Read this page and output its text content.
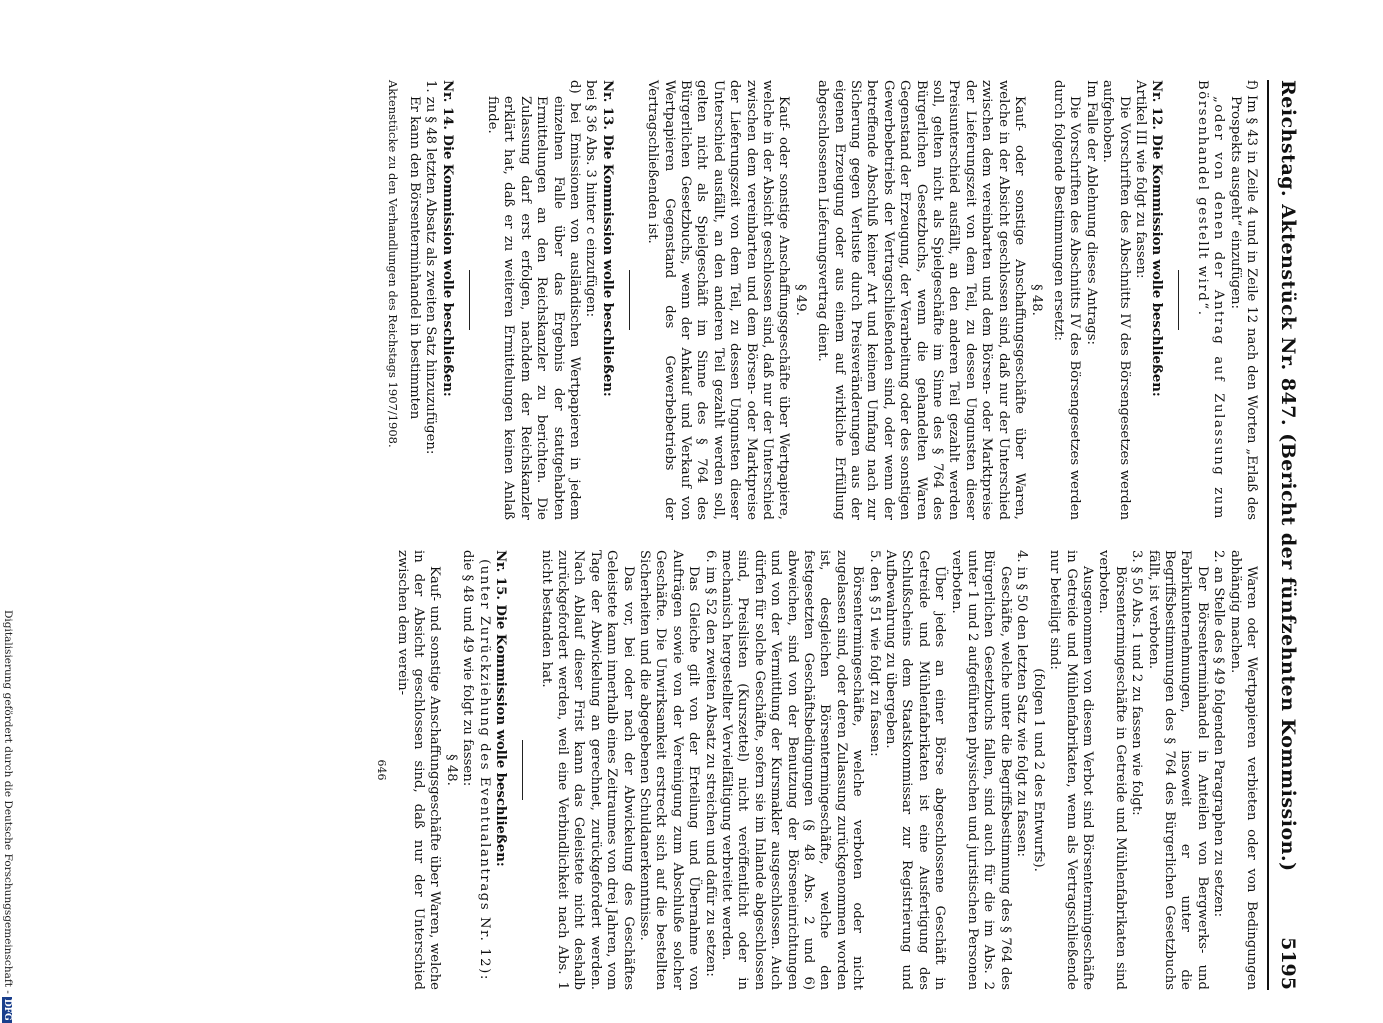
Reichstag. Aktenstück Nr. 847. (Bericht der fünfzehnten Kommission.)
5195

f) Im § 43 in Zeile 4 und in Zeile 12 nach den Worten „Erlaß des Prospekts ausgeht“ einzufügen:

„oder von denen der Antrag auf Zulassung zum Börsenhandel gestellt wird“.

Nr. 12. Die Kommission wolle beschließen:

Artikel III wie folgt zu fassen:

Die Vorschriften des Abschnitts IV des Börsengesetzes werden aufgehoben.

Im Falle der Ablehnung dieses Antrags:

Die Vorschriften des Abschnitts IV des Börsengesetzes werden durch folgende Bestimmungen ersetzt:

§ 48.

Kauf- oder sonstige Anschaffungsgeschäfte über Waren, welche in der Absicht geschlossen sind, daß nur der Unterschied zwischen dem vereinbarten und dem Börsen- oder Marktpreise der Lieferungszeit von dem Teil, zu dessen Ungunsten dieser Preisunterschied ausfällt, an den anderen Teil gezahlt werden soll, gelten nicht als Spielgeschäfte im Sinne des § 764 des Bürgerlichen Gesetzbuchs, wenn die gehandelten Waren Gegenstand der Erzeugung, der Verarbeitung oder des sonstigen Gewerbebetriebs der Vertragschließenden sind, oder wenn der betreffende Abschluß keiner Art und keinem Umfang nach zur Sicherung gegen Verluste durch Preisveränderungen aus der eigenen Erzeugung oder aus einem auf wirkliche Erfüllung abgeschlossenen Lieferungsvertrag dient.

§ 49.

Kauf- oder sonstige Anschaffungsgeschäfte über Wertpapiere, welche in der Absicht geschlossen sind, daß nur der Unterschied zwischen dem vereinbarten und dem Börsen- oder Marktpreise der Lieferungszeit von dem Teil, zu dessen Ungunsten dieser Unterschied ausfällt, an den anderen Teil gezahlt werden soll, gelten nicht als Spielgeschäft im Sinne des § 764 des Bürgerlichen Gesetzbuchs, wenn der Ankauf und Verkauf von Wertpapieren Gegenstand des Gewerbebetriebs der Vertragschließenden ist.

Nr. 13. Die Kommission wolle beschließen:

bei § 36 Abs. 3 hinter c einzufügen:

d) bei Emissionen von ausländischen Wertpapieren in jedem einzelnen Falle über das Ergebnis der stattgehabten Ermittelungen an den Reichskanzler zu berichten. Die Zulassung darf erst erfolgen, nachdem der Reichskanzler erklärt hat, daß er zu weiteren Ermittelungen keinen Anlaß finde.

Nr. 14. Die Kommission wolle beschließen:

1. zu § 48 letzten Absatz als zweiten Satz hinzuzufügen:

Er kann den Börsenterminhandel in bestimmten

Aktenstücke zu den Verhandlungen des Reichstags 1907/1908.

Waren oder Wertpapieren verbieten oder von Bedingungen abhängig machen.

2. an Stelle des § 49 folgenden Paragraphen zu setzen:

Der Börsenterminhandel in Anteilen von Bergwerks- und Fabrikunternehmungen, insoweit er unter die Begriffsbestimmungen des § 764 des Bürgerlichen Gesetzbuchs fällt, ist verboten.

3. § 50 Abs. 1 und 2 zu fassen wie folgt:

Börsentermingeschäfte in Getreide und Mühlenfabrikaten sind verboten.

Ausgenommen von diesem Verbot sind Börsentermingeschäfte in Getreide und Mühlenfabrikaten, wenn als Vertragschließende nur beteiligt sind:

(folgen 1 und 2 des Entwurfs).

4. in § 50 den letzten Satz wie folgt zu fassen:

Geschäfte, welche unter die Begriffsbestimmung des § 764 des Bürgerlichen Gesetzbuchs fallen, sind auch für die im Abs. 2 unter 1 und 2 aufgeführten physischen und juristischen Personen verboten.

Über jedes an einer Börse abgeschlossene Geschäft in Getreide und Mühlenfabrikaten ist eine Ausfertigung des Schlußscheins dem Staatskommissar zur Registrierung und Aufbewahrung zu übergeben.

5. den § 51 wie folgt zu fassen:

Börsentermingeschäfte, welche verboten oder nicht zugelassen sind, oder deren Zulassung zurückgenommen worden ist, desgleichen Börsentermingeschäfte, welche den festgesetzten Geschäftsbedingungen (§ 48 Abs. 2 und 6) abweichen, sind von der Benutzung der Börseneinrichtungen und von der Vermittlung der Kursmakler ausgeschlossen. Auch dürfen für solche Geschäfte, sofern sie im Inlande abgeschlossen sind, Preislisten (Kurszettel) nicht veröffentlicht oder in mechanisch hergestellter Vervielfältigung verbreitet werden.

6. im § 52 den zweiten Absatz zu streichen und dafür zu setzen:

Das Gleiche gilt von der Erteilung und Übernahme von Aufträgen sowie von der Vereinigung zum Abschluße solcher Geschäfte. Die Unwirksamkeit erstreckt sich auf die bestellten Sicherheiten und die abgegebenen Schuldanerkenntnisse.

Das vor, bei oder nach der Abwickelung des Geschäftes Geleistete kann innerhalb eines Zeitraumes von drei Jahren, vom Tage der Abwickelung an gerechnet, zurückgefordert werden. Nach Ablauf dieser Frist kann das Geleistete nicht deshalb zurückgefordert werden, weil eine Verbindlichkeit nach Abs. 1 nicht bestanden hat.

Nr. 15. Die Kommission wolle beschließen:

(unter Zurückziehung des Eventualantrags Nr. 12):

die § 48 und 49 wie folgt zu fassen:

§ 48.

Kauf- und sonstige Anschaffungsgeschäfte über Waren, welche in der Absicht geschlossen sind, daß nur der Unterschied zwischen dem verein-

646

Digitalisierung gefördert durch die Deutsche Forschungsgemeinschaft -DFG
